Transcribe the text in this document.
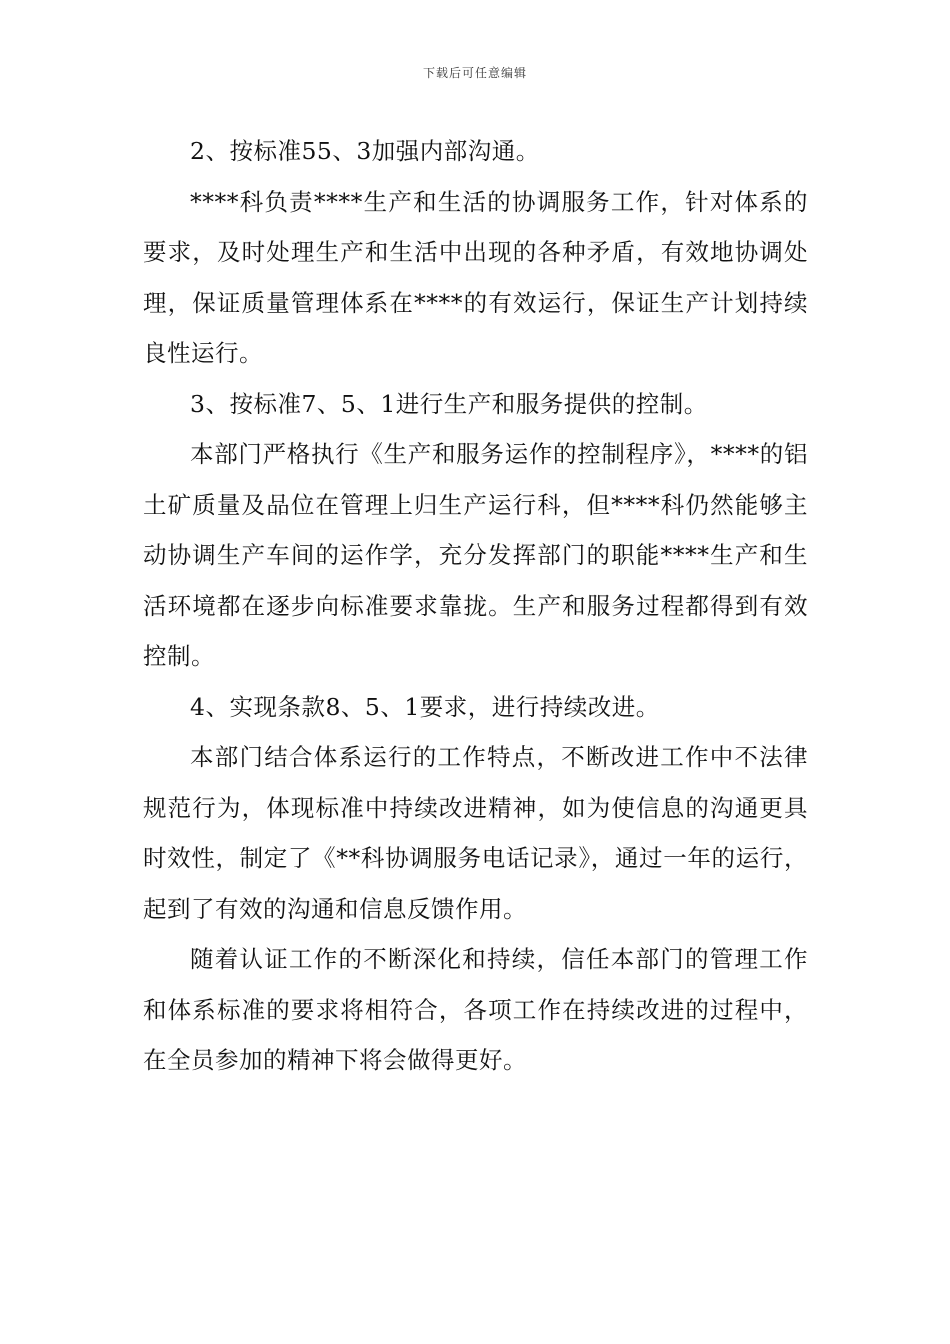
下载后可任意编辑

2、按标准55、3加强内部沟通。

****科负责****生产和生活的协调服务工作，针对体系的要求，及时处理生产和生活中出现的各种矛盾，有效地协调处理，保证质量管理体系在****的有效运行，保证生产计划持续良性运行。

3、按标准7、5、1进行生产和服务提供的控制。

本部门严格执行《生产和服务运作的控制程序》，****的铝土矿质量及品位在管理上归生产运行科，但****科仍然能够主动协调生产车间的运作学，充分发挥部门的职能****生产和生活环境都在逐步向标准要求靠拢。生产和服务过程都得到有效控制。

4、实现条款8、5、1要求，进行持续改进。

本部门结合体系运行的工作特点，不断改进工作中不法律规范行为，体现标准中持续改进精神，如为使信息的沟通更具时效性，制定了《**科协调服务电话记录》，通过一年的运行，起到了有效的沟通和信息反馈作用。

随着认证工作的不断深化和持续，信任本部门的管理工作和体系标准的要求将相符合，各项工作在持续改进的过程中，在全员参加的精神下将会做得更好。
